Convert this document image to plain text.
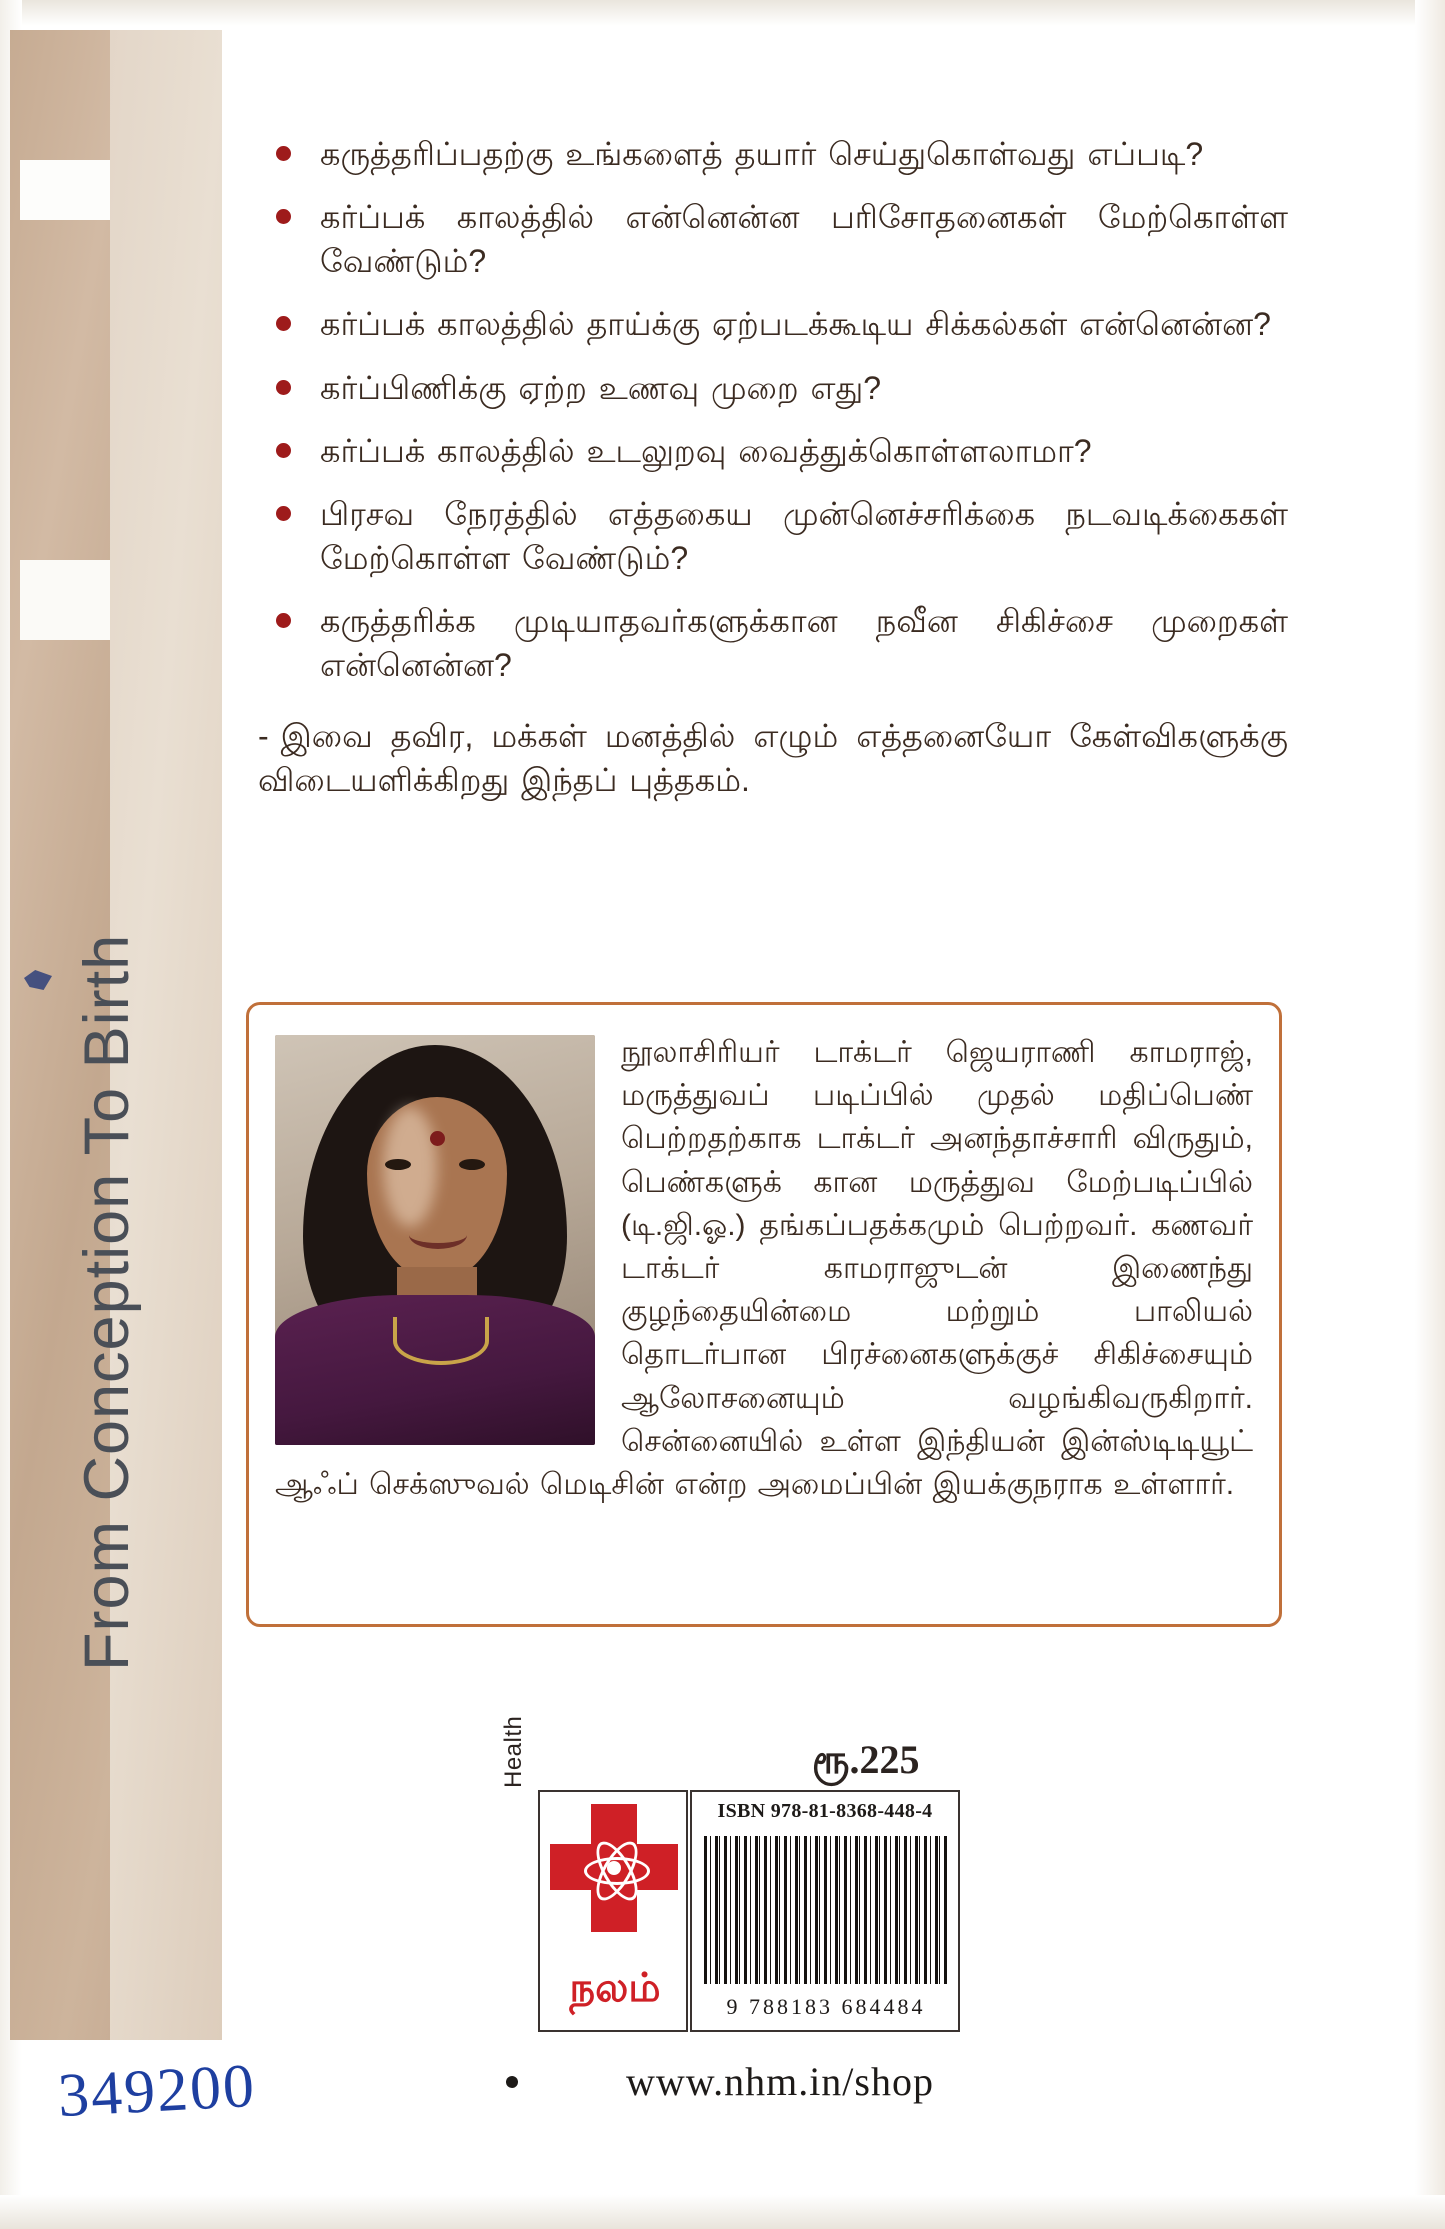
From Conception To Birth
கருத்தரிப்பதற்கு உங்களைத் தயார் செய்துகொள்வது எப்படி?
கர்ப்பக் காலத்தில் என்னென்ன பரிசோதனைகள் மேற்கொள்ள வேண்டும்?
கர்ப்பக் காலத்தில் தாய்க்கு ஏற்படக்கூடிய சிக்கல்கள் என்னென்ன?
கர்ப்பிணிக்கு ஏற்ற உணவு முறை எது?
கர்ப்பக் காலத்தில் உடலுறவு வைத்துக்கொள்ளலாமா?
பிரசவ நேரத்தில் எத்தகைய முன்னெச்சரிக்கை நடவடிக்கைகள் மேற்கொள்ள வேண்டும்?
கருத்தரிக்க முடியாதவர்களுக்கான நவீன சிகிச்சை முறைகள் என்னென்ன?
- இவை தவிர, மக்கள் மனத்தில் எழும் எத்தனையோ கேள்விகளுக்கு விடையளிக்கிறது இந்தப் புத்தகம்.

நூலாசிரியர் டாக்டர் ஜெயராணி காமராஜ், மருத்துவப் படிப்பில் முதல் மதிப்பெண் பெற்றதற்காக டாக்டர் அனந்தாச்சாரி விருதும், பெண்களுக் கான மருத்துவ மேற்படிப்பில் (டி.ஜி.ஓ.) தங்கப்பதக்கமும் பெற்றவர். கணவர் டாக்டர் காமராஜுடன் இணைந்து குழந்தையின்மை மற்றும் பாலியல் தொடர்பான பிரச்னைகளுக்குச் சிகிச்சையும் ஆலோசனையும் வழங்கிவருகிறார். சென்னையில் உள்ள இந்தியன் இன்ஸ்டிடியூட் ஆஃப் செக்ஸுவல் மெடிசின் என்ற அமைப்பின் இயக்குநராக உள்ளார்.

ரூ.225
Health
நலம்
ISBN 978-81-8368-448-4
9 788183 684484
www.nhm.in/shop
349200
